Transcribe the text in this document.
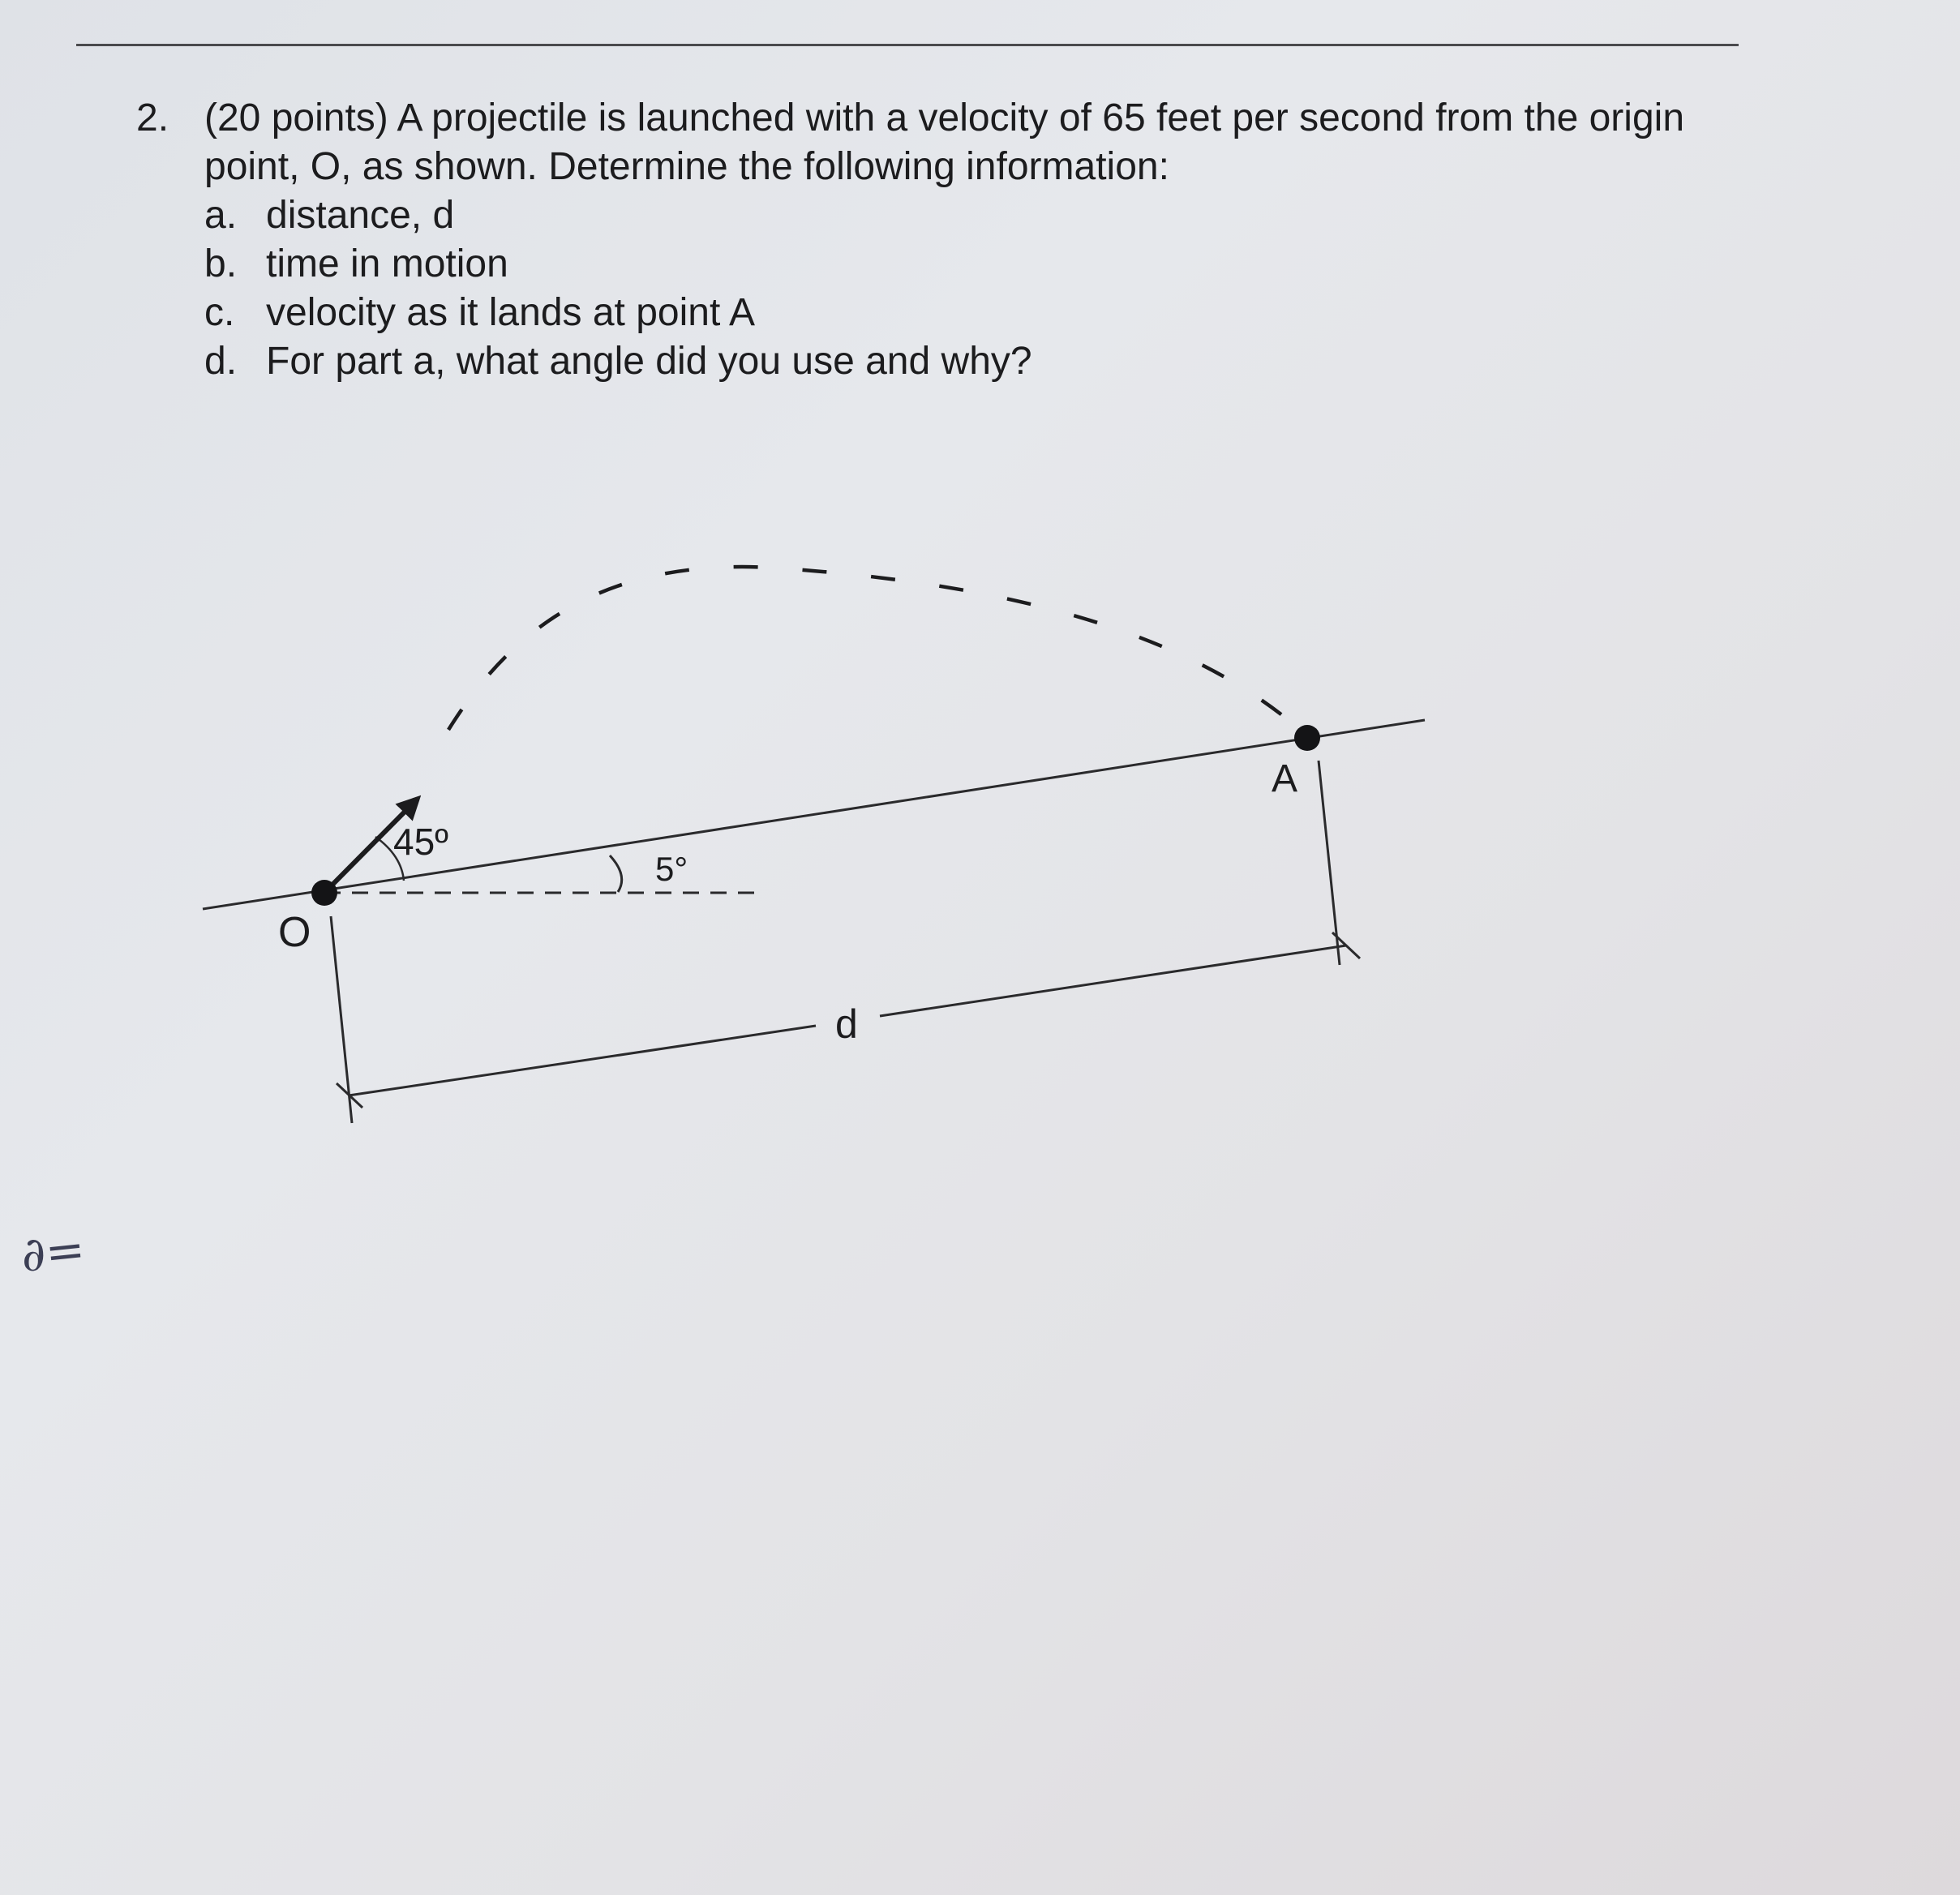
2. (20 points) A projectile is launched with a velocity of 65 feet per second from the origin
point, O, as shown. Determine the following information:
a. distance, d
b. time in motion
c. velocity as it lands at point A
d. For part a, what angle did you use and why?
45º
5°
O
A
d
∂=
